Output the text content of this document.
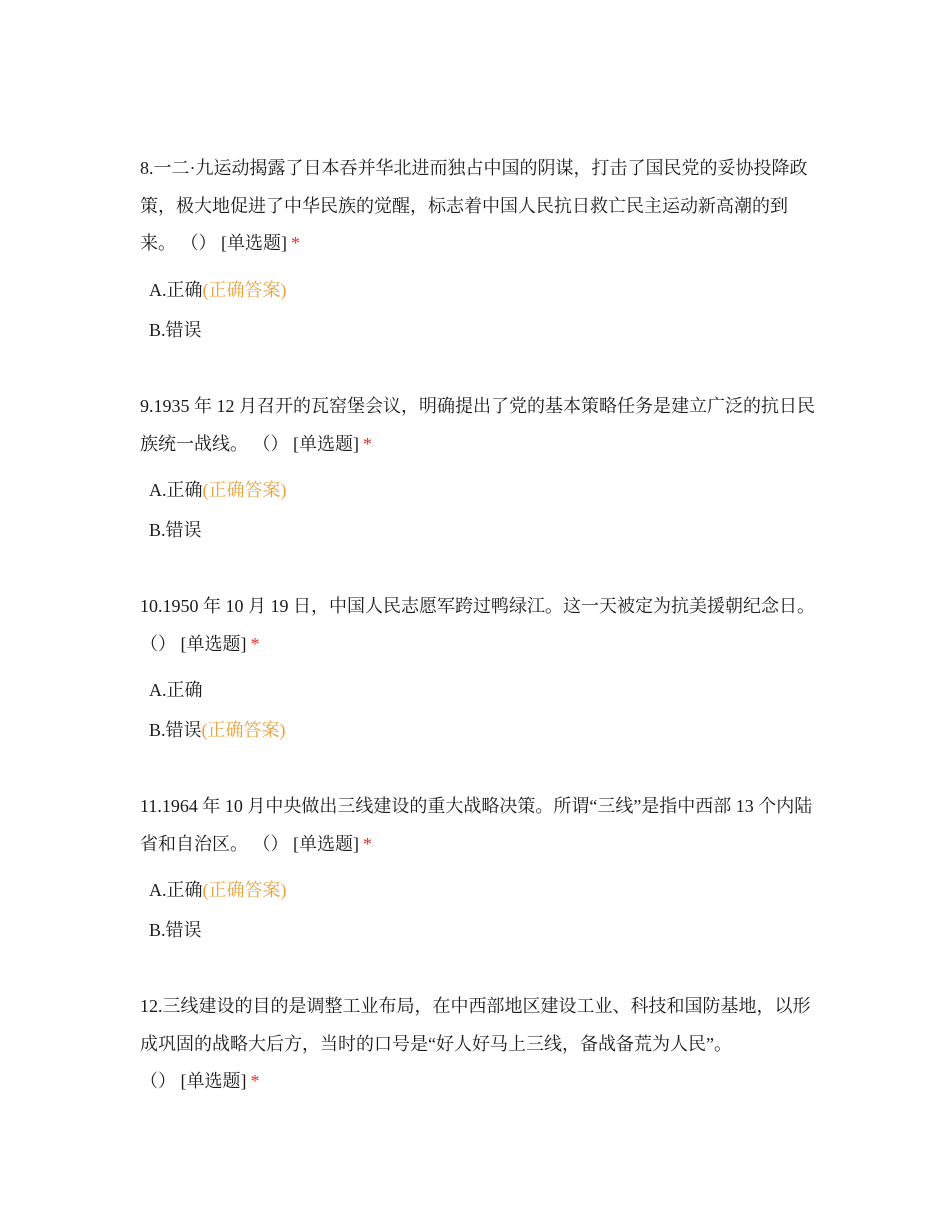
8.一二·九运动揭露了日本吞并华北进而独占中国的阴谋，打击了国民党的妥协投降政策，极大地促进了中华民族的觉醒，标志着中国人民抗日救亡民主运动新高潮的到来。 （） [单选题] *

A.正确(正确答案)
B.错误

9.1935 年 12 月召开的瓦窑堡会议，明确提出了党的基本策略任务是建立广泛的抗日民族统一战线。 （） [单选题] *

A.正确(正确答案)
B.错误

10.1950 年 10 月 19 日，中国人民志愿军跨过鸭绿江。这一天被定为抗美援朝纪念日。 （） [单选题] *

A.正确
B.错误(正确答案)

11.1964 年 10 月中央做出三线建设的重大战略决策。所谓“三线”是指中西部 13 个内陆省和自治区。 （） [单选题] *

A.正确(正确答案)
B.错误

12.三线建设的目的是调整工业布局，在中西部地区建设工业、科技和国防基地，以形成巩固的战略大后方，当时的口号是“好人好马上三线，备战备荒为人民”。 （） [单选题] *
